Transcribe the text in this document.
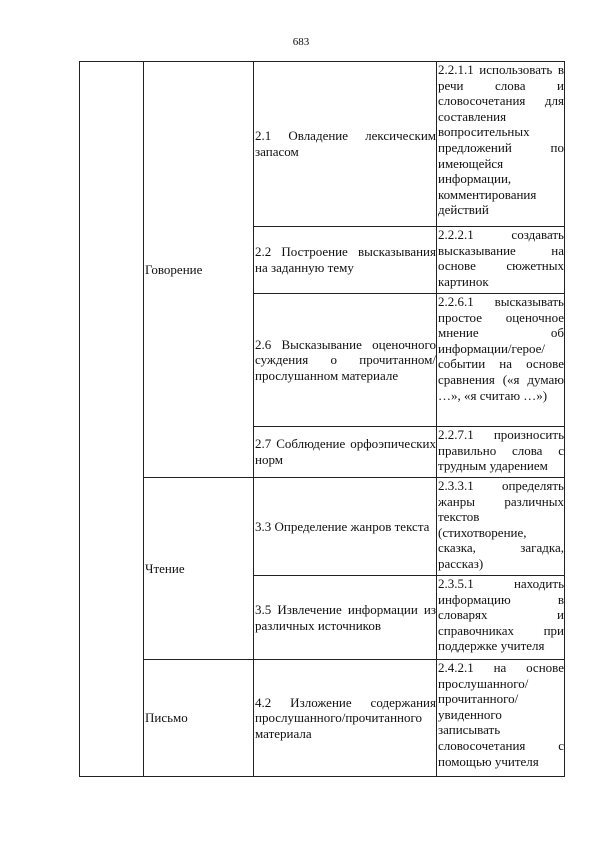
683
	Говорение	2.1 Овладение лексическим запасом	2.2.1.1 использовать в речи слова и словосочетания для составления вопросительных предложений по имеющейся информации, комментирования действий
		2.2 Построение высказывания на заданную тему	2.2.2.1 создавать высказывание на основе сюжетных картинок
		2.6 Высказывание оценочного суждения о прочитанном/прослушанном материале	2.2.6.1 высказывать простое оценочное мнение об информации/герое/событии на основе сравнения («я думаю …», «я считаю …»)
		2.7 Соблюдение орфоэпических норм	2.2.7.1 произносить правильно слова с трудным ударением
	Чтение	3.3 Определение жанров текста	2.3.3.1 определять жанры различных текстов (стихотворение, сказка, загадка, рассказ)
		3.5 Извлечение информации из различных источников	2.3.5.1 находить информацию в словарях и справочниках при поддержке учителя
	Письмо	4.2 Изложение содержания прослушанного/прочитанного материала	2.4.2.1 на основе прослушанного/ прочитанного/ увиденного записывать словосочетания с помощью учителя
